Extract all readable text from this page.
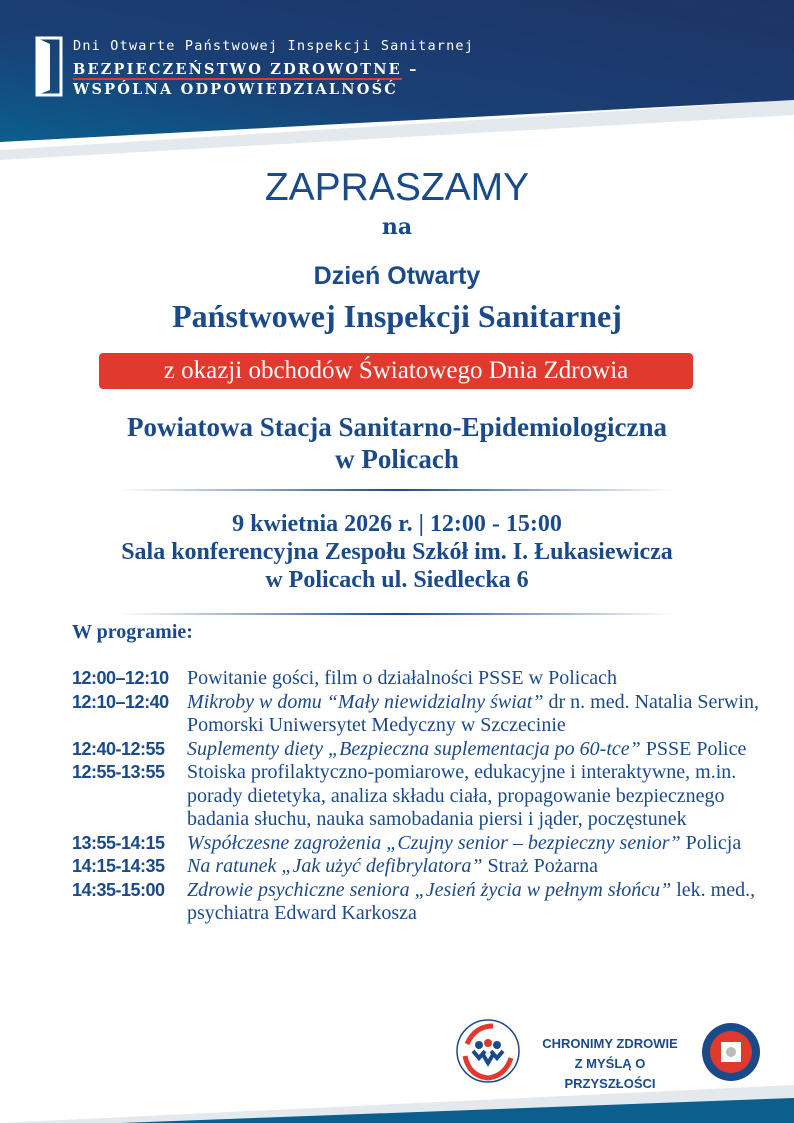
Dni Otwarte Państwowej Inspekcji Sanitarnej
BEZPIECZEŃSTWO ZDROWOTNE –
WSPÓLNA ODPOWIEDZIALNOŚĆ
ZAPRASZAMY
na
Dzień Otwarty
Państwowej Inspekcji Sanitarnej
z okazji obchodów Światowego Dnia Zdrowia
Powiatowa Stacja Sanitarno-Epidemiologiczna
w Policach
9 kwietnia 2026 r. | 12:00 - 15:00
Sala konferencyjna Zespołu Szkół im. I. Łukasiewicza
w Policach ul. Siedlecka 6
W programie:
12:00–12:10 Powitanie gości, film o działalności PSSE w Policach
12:10–12:40 Mikroby w domu “Mały niewidzialny świat” dr n. med. Natalia Serwin, Pomorski Uniwersytet Medyczny w Szczecinie
12:40-12:55	Suplementy diety „Bezpieczna suplementacja po 60-tce” PSSE Police
12:55-13:55	Stoiska profilaktyczno-pomiarowe, edukacyjne i interaktywne, m.in. porady dietetyka, analiza składu ciała, propagowanie bezpiecznego badania słuchu, nauka samobadania piersi i jąder, poczęstunek
13:55-14:15	Współczesne zagrożenia „Czujny senior – bezpieczny senior” Policja
14:15-14:35	Na ratunek „Jak użyć defibrylatora” Straż Pożarna
14:35-15:00	Zdrowie psychiczne seniora „Jesień życia w pełnym słońcu” lek. med., psychiatra Edward Karkosza
CHRONIMY ZDROWIE
Z MYŚLĄ O PRZYSZŁOŚCI
